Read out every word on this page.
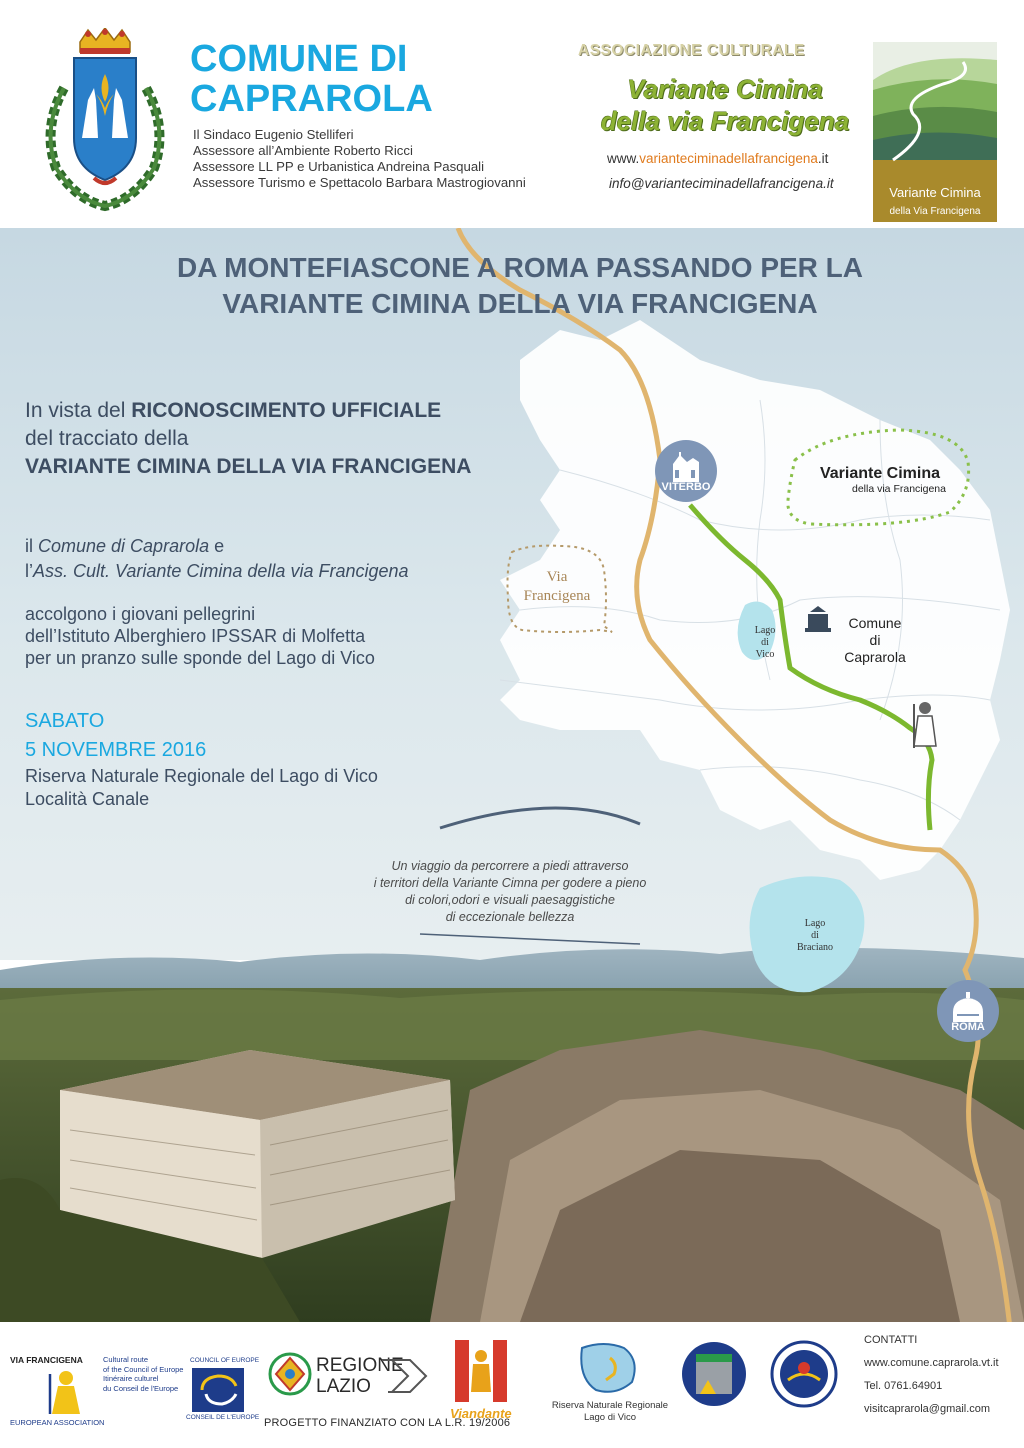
COMUNE DI
CAPRAROLA
Il Sindaco Eugenio Stelliferi
Assessore all’Ambiente Roberto Ricci
Assessore LL PP e Urbanistica Andreina Pasquali
Assessore Turismo e Spettacolo Barbara Mastrogiovanni
ASSOCIAZIONE CULTURALE
Variante Cimina
della via Francigena
www.varianteciminadellafrancigena.it
info@varianteciminadellafrancigena.it
Variante Cimina
della Via Francigena
VITERBO
ROMA
Variante Cimina
della via Francigena
Via
Francigena
Lago
di
Vico
Comune
di
Caprarola
Lago
di
Braciano
DA MONTEFIASCONE A ROMA PASSANDO PER LA
VARIANTE CIMINA DELLA VIA FRANCIGENA
In vista del RICONOSCIMENTO UFFICIALE
del tracciato della
VARIANTE CIMINA DELLA VIA FRANCIGENA
il Comune di Caprarola e
l’Ass. Cult. Variante Cimina della via Francigena
accolgono i giovani pellegrini
dell’Istituto Alberghiero IPSSAR di Molfetta
per un pranzo sulle sponde del Lago di Vico
SABATO
5 NOVEMBRE 2016
Riserva Naturale Regionale del Lago di Vico
Località Canale
Un viaggio da percorrere a piedi attraverso
i territori della Variante Cimna per godere a pieno
di colori,odori e visuali paesaggistiche
di eccezionale bellezza
VIA FRANCIGENA	Cultural route
of the Council of Europe
Itinéraire culturel
du Conseil de l'Europe
EUROPEAN ASSOCIATION
COUNCIL OF EUROPE
CONSEIL DE L'EUROPE
REGIONE
LAZIO
Viandante
Riserva Naturale Regionale
Lago di Vico
PROGETTO FINANZIATO CON LA L.R. 19/2006
CONTATTI
www.comune.caprarola.vt.it
Tel. 0761.64901
visitcaprarola@gmail.com
